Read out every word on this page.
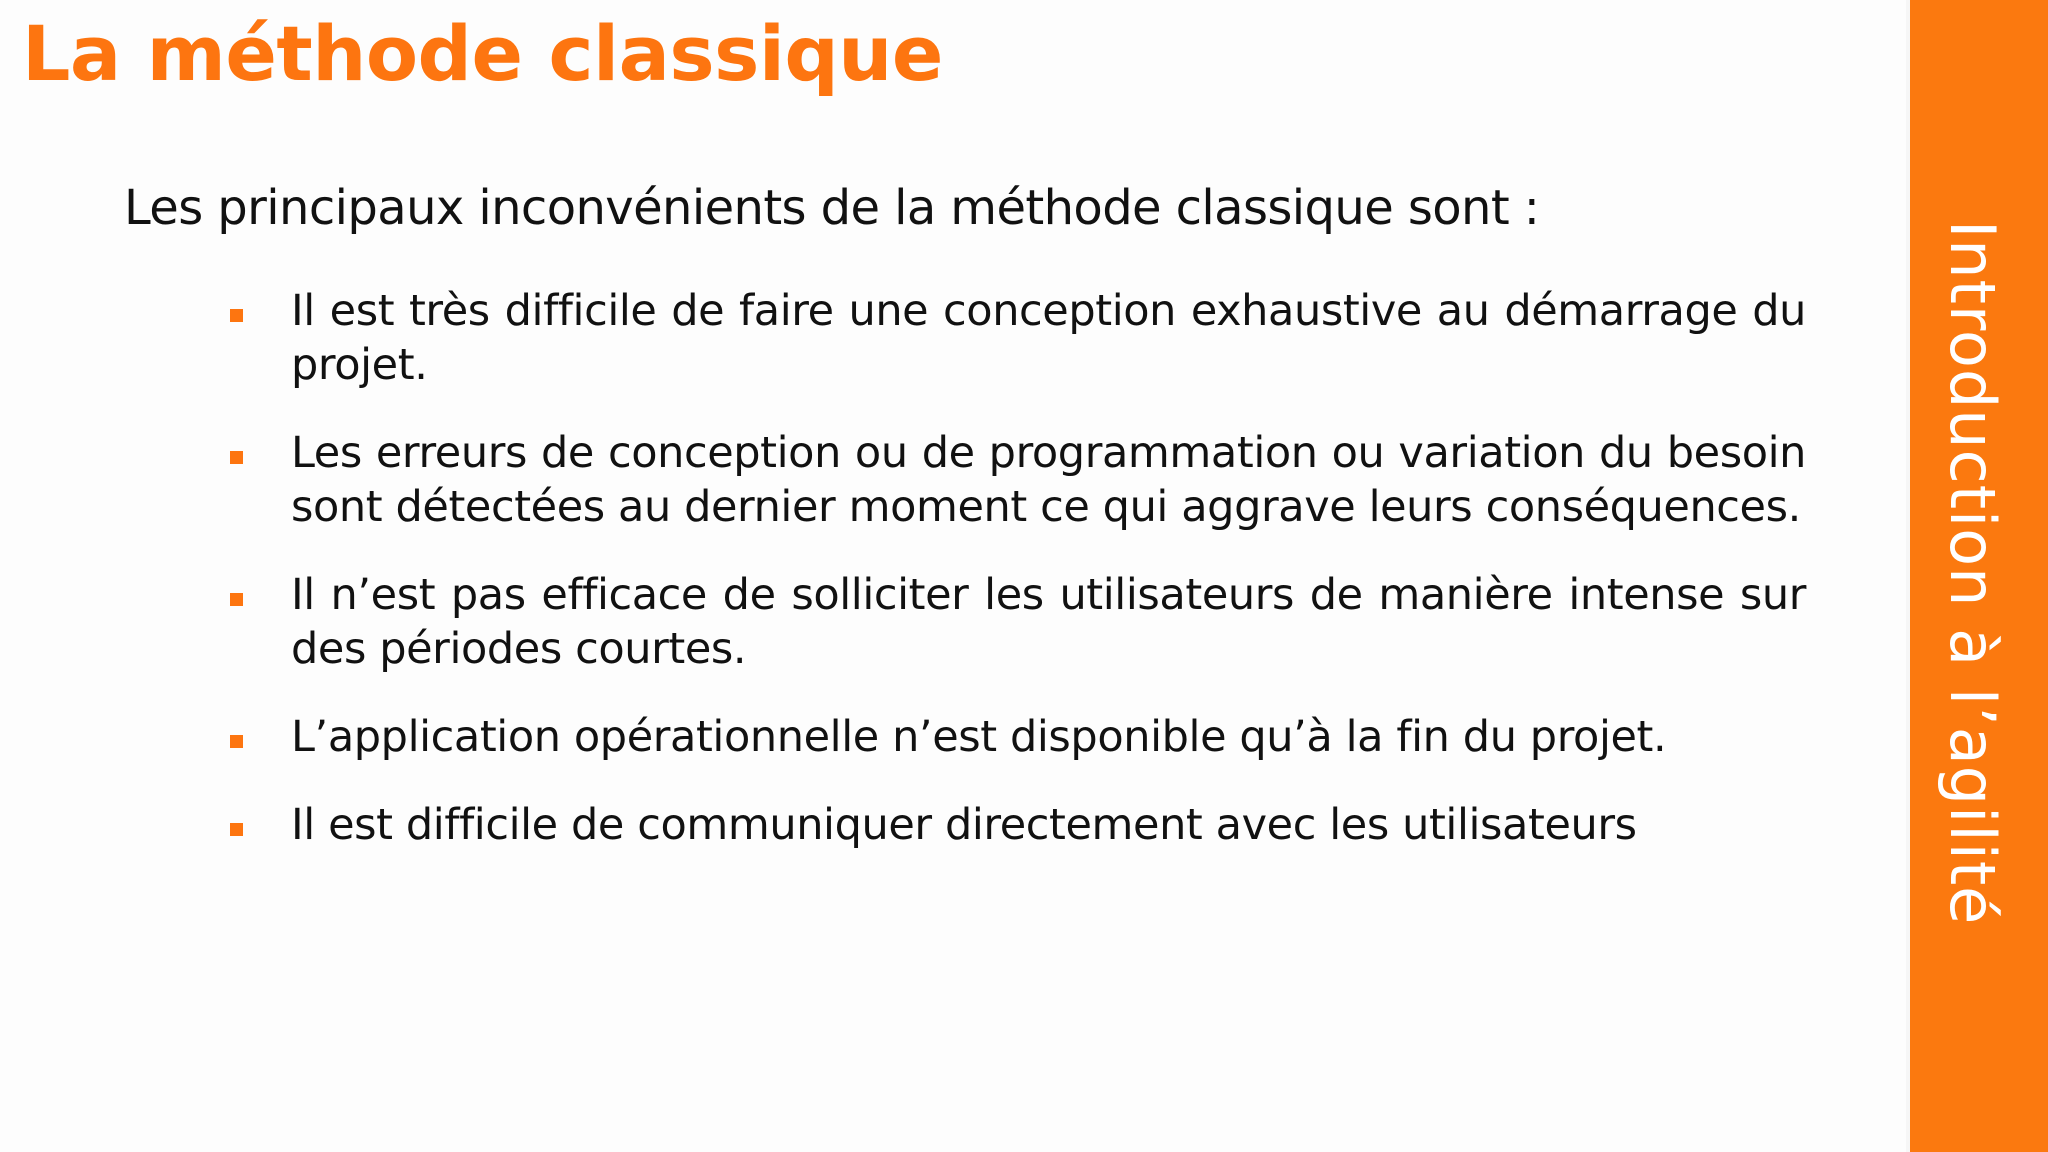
La méthode classique
Les principaux inconvénients de la méthode classique sont :
Il est très difficile de faire une conception exhaustive au démarrage du projet.
Les erreurs de conception ou de programmation ou variation du besoin sont détectées au dernier moment ce qui aggrave leurs conséquences.
Il n’est pas efficace de solliciter les utilisateurs de manière intense sur des périodes courtes.
L’application opérationnelle n’est disponible qu’à la fin du projet.
Il est difficile de communiquer directement avec les utilisateurs	Introduction à l’agilité
